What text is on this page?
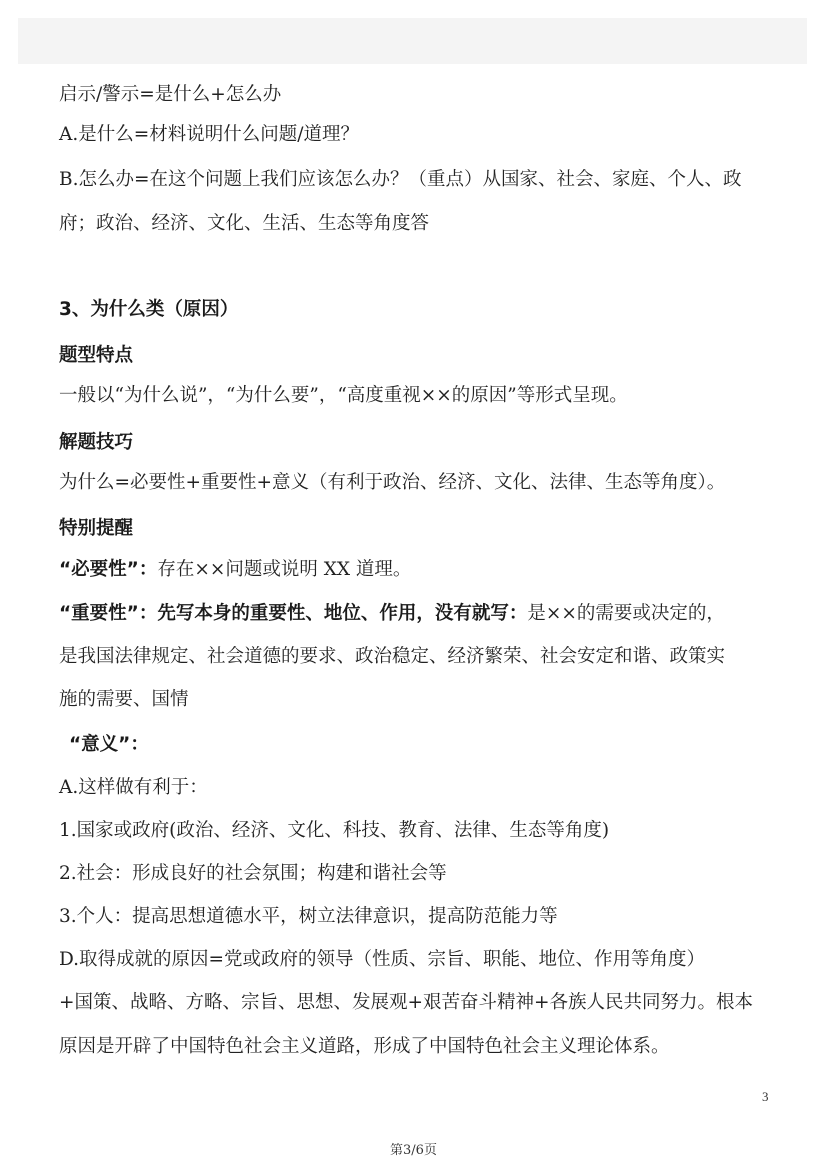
启示/警示=是什么+怎么办
A.是什么=材料说明什么问题/道理？
B.怎么办=在这个问题上我们应该怎么办？（重点）从国家、社会、家庭、个人、政
府；政治、经济、文化、生活、生态等角度答
3、为什么类（原因）
题型特点
一般以“为什么说”，“为什么要”，“高度重视××的原因”等形式呈现。
解题技巧
为什么=必要性+重要性+意义（有利于政治、经济、文化、法律、生态等角度）。
特别提醒
“必要性”：存在××问题或说明 XX 道理。
“重要性”：先写本身的重要性、地位、作用，没有就写：是××的需要或决定的，
是我国法律规定、社会道德的要求、政治稳定、经济繁荣、社会安定和谐、政策实
施的需要、国情
“意义”：
A.这样做有利于：
1.国家或政府(政治、经济、文化、科技、教育、法律、生态等角度)
2.社会：形成良好的社会氛围；构建和谐社会等
3.个人：提高思想道德水平，树立法律意识，提高防范能力等
D.取得成就的原因=党或政府的领导（性质、宗旨、职能、地位、作用等角度）
+国策、战略、方略、宗旨、思想、发展观+艰苦奋斗精神+各族人民共同努力。根本
原因是开辟了中国特色社会主义道路，形成了中国特色社会主义理论体系。
3
第3/6页
